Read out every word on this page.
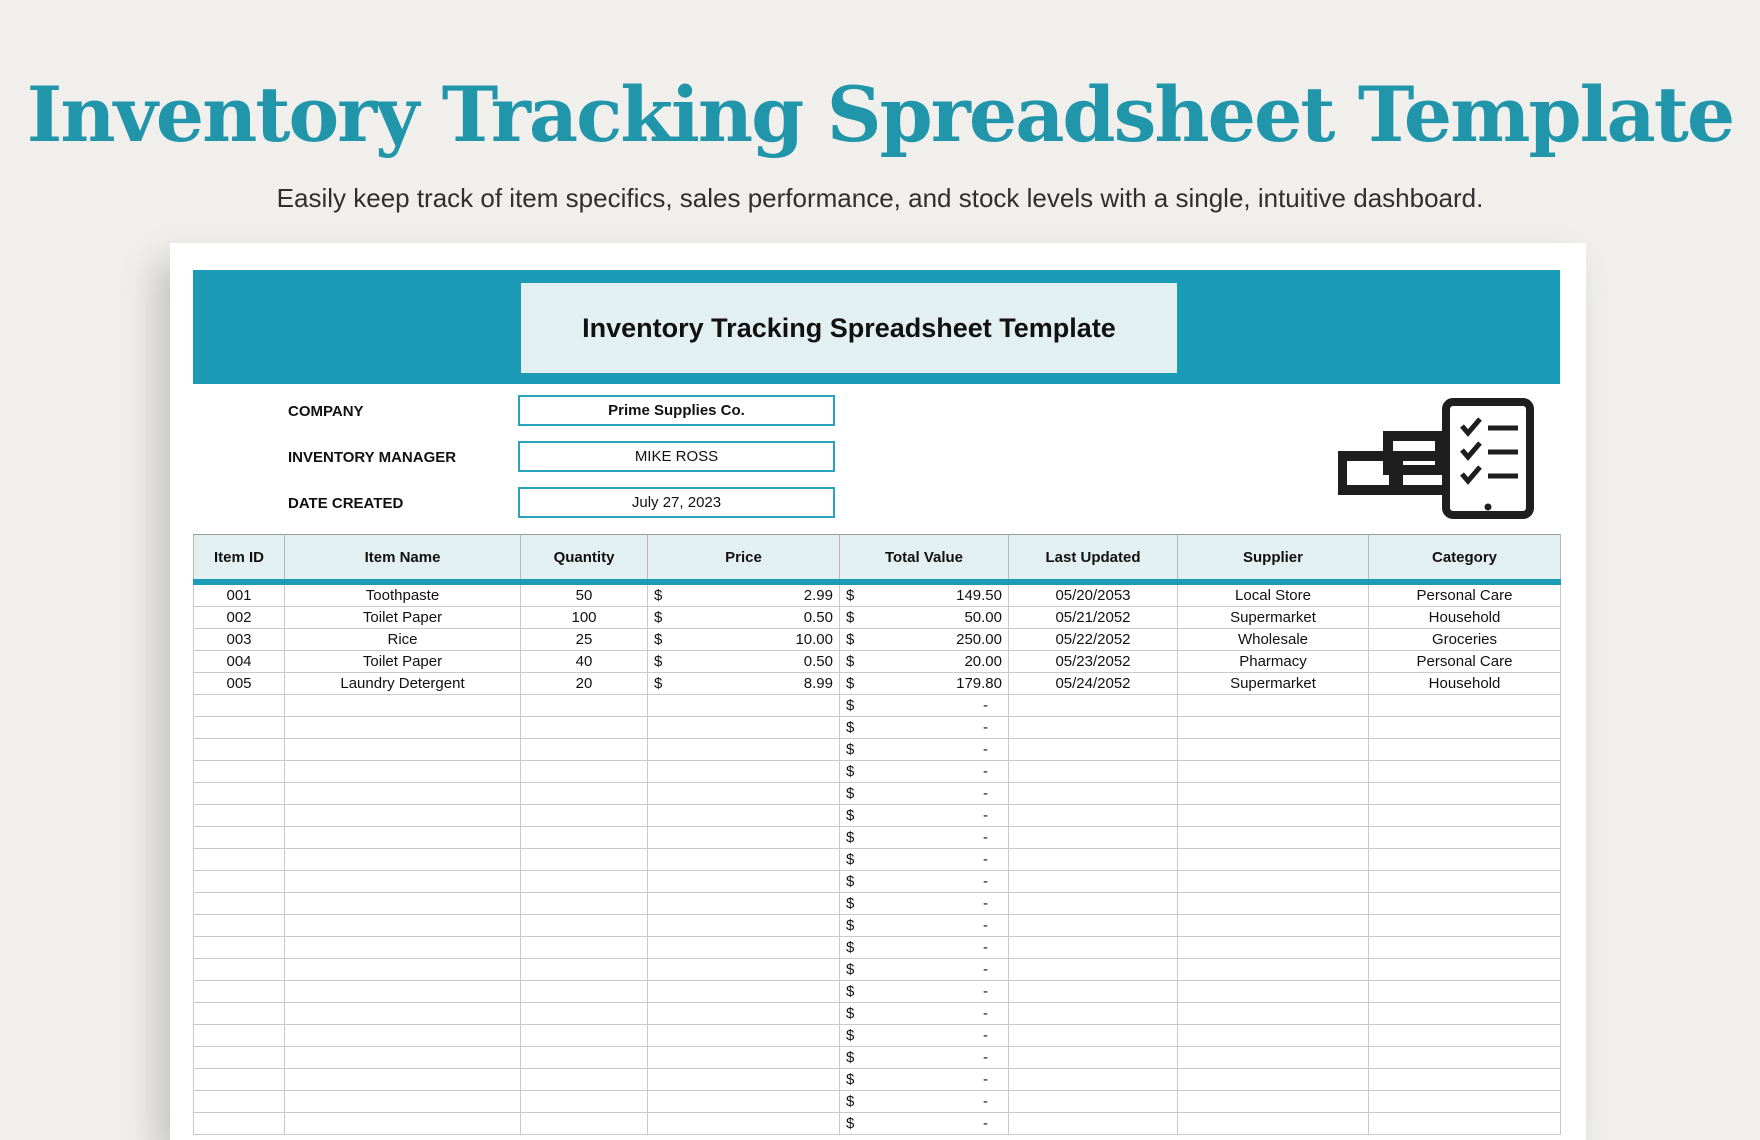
Inventory Tracking Spreadsheet Template

Easily keep track of item specifics, sales performance, and stock levels with a single, intuitive dashboard.

Inventory Tracking Spreadsheet Template
COMPANY	Prime Supplies Co.
INVENTORY MANAGER	MIKE ROSS
DATE CREATED	July 27, 2023
Item ID	Item Name	Quantity	Price	Total Value	Last Updated	Supplier	Category
001	Toothpaste	50	$ 2.99	$ 149.50	05/20/2053	Local Store	Personal Care
002	Toilet Paper	100	$ 0.50	$ 50.00	05/21/2052	Supermarket	Household
003	Rice	25	$ 10.00	$ 250.00	05/22/2052	Wholesale	Groceries
004	Toilet Paper	40	$ 0.50	$ 20.00	05/23/2052	Pharmacy	Personal Care
005	Laundry Detergent	20	$ 8.99	$ 179.80	05/24/2052	Supermarket	Household

				$ -			

				$ -			

				$ -			

				$ -			

				$ -			

				$ -			

				$ -			

				$ -			

				$ -			

				$ -			

				$ -			

				$ -			

				$ -			

				$ -			

				$ -			

				$ -			

				$ -			

				$ -			

				$ -			

				$ -			
